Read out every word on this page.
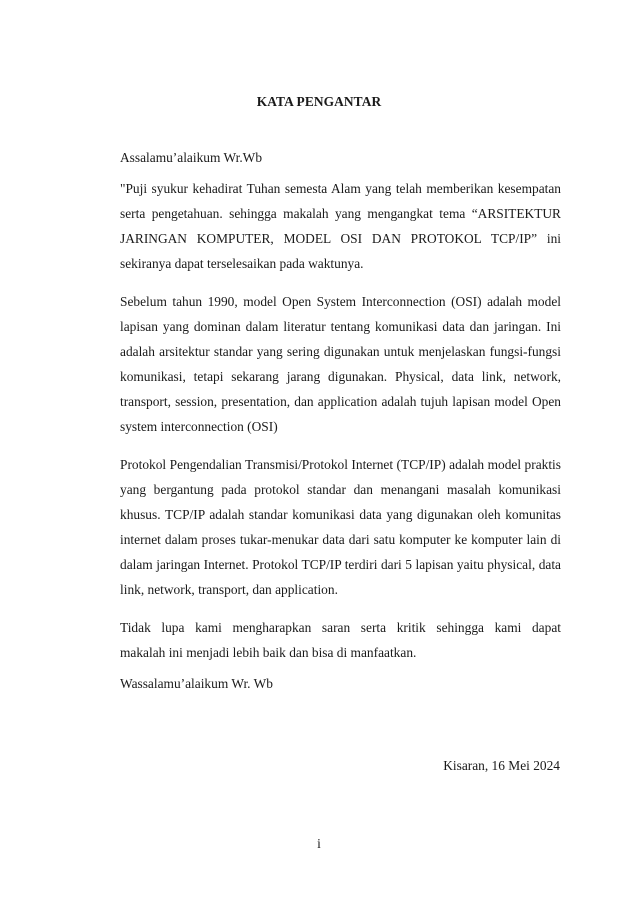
KATA PENGANTAR
Assalamu’alaikum Wr.Wb
"Puji syukur kehadirat Tuhan semesta Alam yang telah memberikan kesempatan
serta pengetahuan. sehingga makalah yang mengangkat tema “ARSITEKTUR
JARINGAN KOMPUTER, MODEL OSI DAN PROTOKOL TCP/IP” ini
sekiranya dapat terselesaikan pada waktunya.
Sebelum tahun 1990, model Open System Interconnection (OSI) adalah model
lapisan yang dominan dalam literatur tentang komunikasi data dan jaringan. Ini
adalah arsitektur standar yang sering digunakan untuk menjelaskan fungsi-fungsi
komunikasi, tetapi sekarang jarang digunakan. Physical, data link, network,
transport, session, presentation, dan application adalah tujuh lapisan model Open
system interconnection (OSI)
Protokol Pengendalian Transmisi/Protokol Internet (TCP/IP) adalah model praktis
yang bergantung pada protokol standar dan menangani masalah komunikasi
khusus. TCP/IP adalah standar komunikasi data yang digunakan oleh komunitas
internet dalam proses tukar-menukar data dari satu komputer ke komputer lain di
dalam jaringan Internet. Protokol TCP/IP terdiri dari 5 lapisan yaitu physical, data
link, network, transport, dan application.
Tidak lupa kami mengharapkan saran serta kritik sehingga kami dapat
makalah ini menjadi lebih baik dan bisa di manfaatkan.
Wassalamu’alaikum Wr. Wb
Kisaran, 16 Mei 2024
i
